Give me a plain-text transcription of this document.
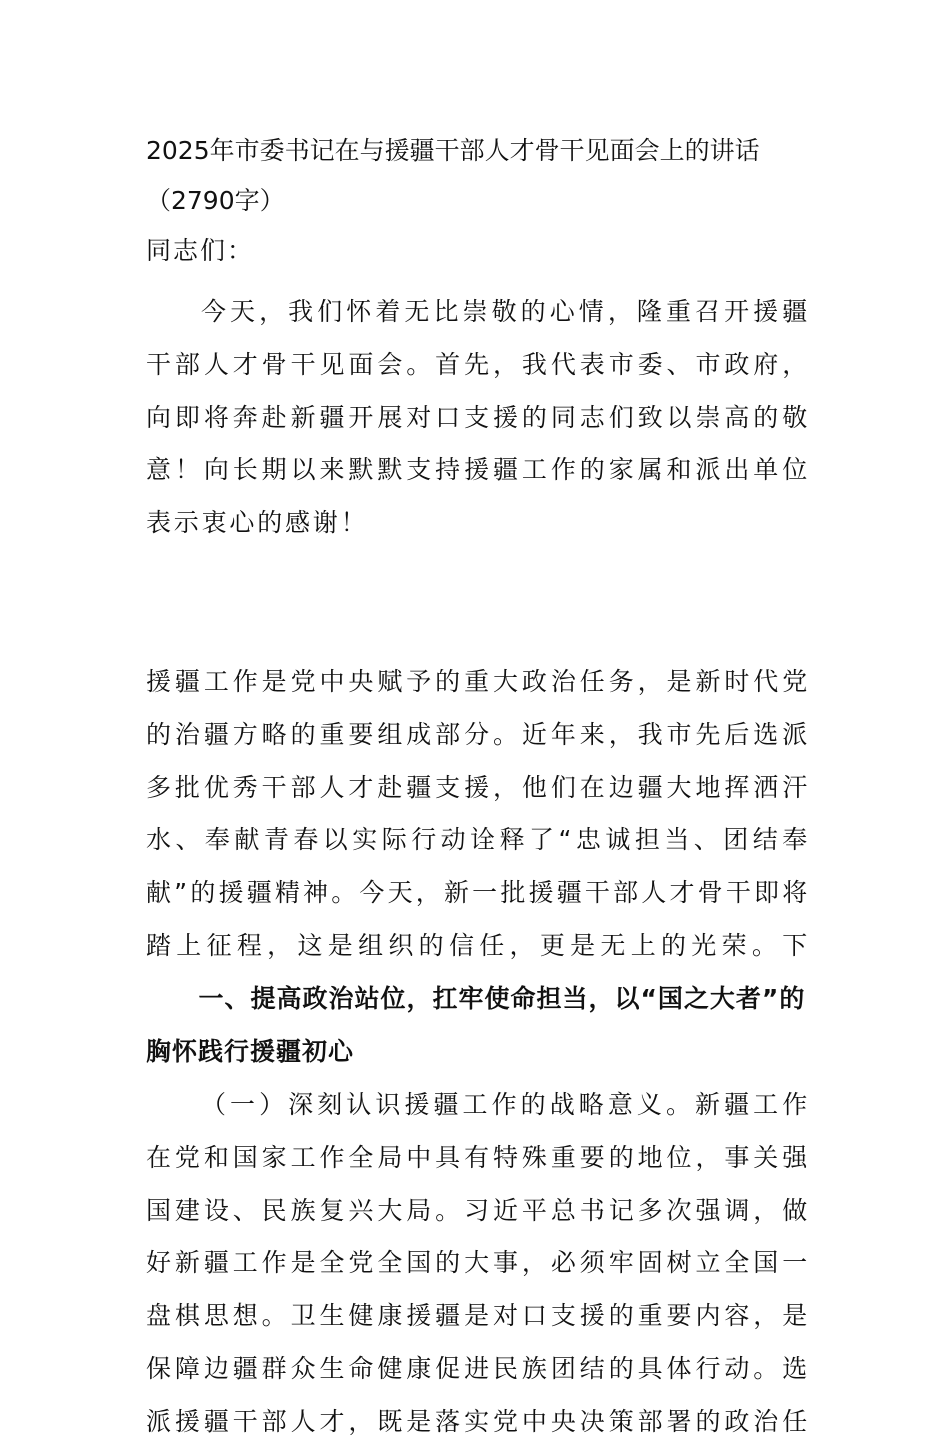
2025年市委书记在与援疆干部人才骨干见面会上的讲话（2790字）

同志们：

今天，我们怀着无比崇敬的心情，隆重召开援疆干部人才骨干见面会。首先，我代表市委、市政府，向即将奔赴新疆开展对口支援的同志们致以崇高的敬意！向长期以来默默支持援疆工作的家属和派出单位表示衷心的感谢！

援疆工作是党中央赋予的重大政治任务，是新时代党的治疆方略的重要组成部分。近年来，我市先后选派多批优秀干部人才赴疆支援，他们在边疆大地挥洒汗水、奉献青春以实际行动诠释了“忠诚担当、团结奉献”的援疆精神。今天，新一批援疆干部人才骨干即将踏上征程，这是组织的信任，更是无上的光荣。下

一、提高政治站位，扛牢使命担当，以“国之大者”的胸怀践行援疆初心

（一）深刻认识援疆工作的战略意义。新疆工作在党和国家工作全局中具有特殊重要的地位，事关强国建设、民族复兴大局。习近平总书记多次强调，做好新疆工作是全党全国的大事，必须牢固树立全国一盘棋思想。卫生健康援疆是对口支援的重要内容，是保障边疆群众生命健康促进民族团结的具体行动。选派援疆干部人才，既是落实党中央决策部署的政治任
